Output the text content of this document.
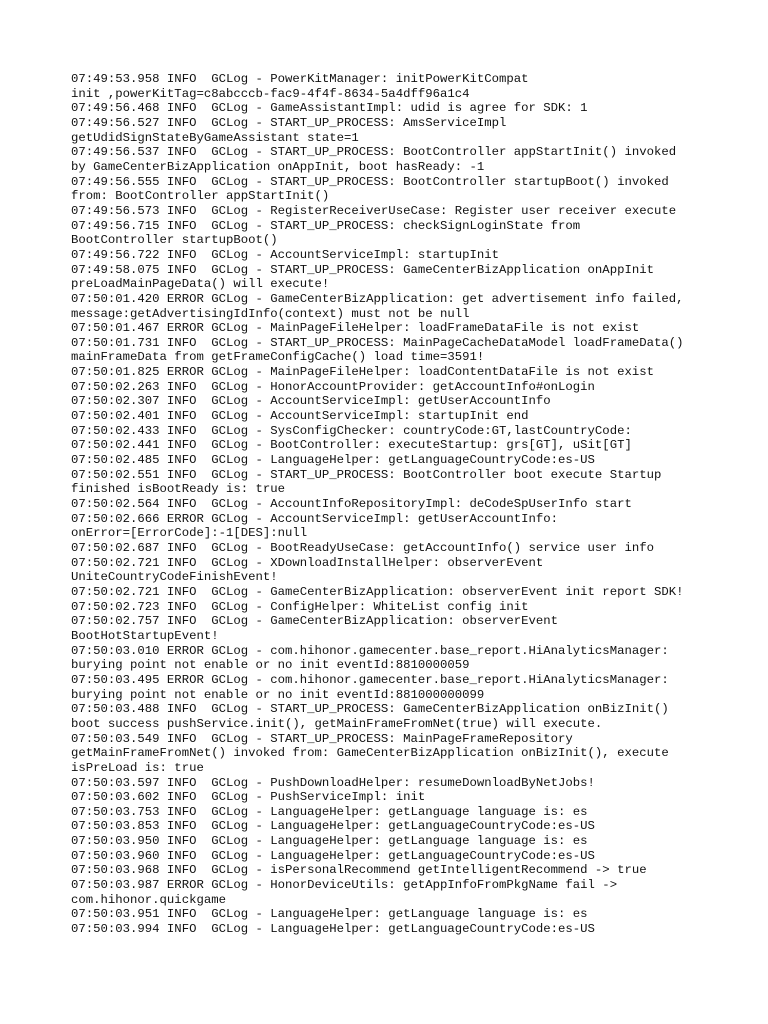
07:49:53.958 INFO  GCLog - PowerKitManager: initPowerKitCompat
init ,powerKitTag=c8abcccb-fac9-4f4f-8634-5a4dff96a1c4
07:49:56.468 INFO  GCLog - GameAssistantImpl: udid is agree for SDK: 1
07:49:56.527 INFO  GCLog - START_UP_PROCESS: AmsServiceImpl
getUdidSignStateByGameAssistant state=1
07:49:56.537 INFO  GCLog - START_UP_PROCESS: BootController appStartInit() invoked
by GameCenterBizApplication onAppInit, boot hasReady: -1
07:49:56.555 INFO  GCLog - START_UP_PROCESS: BootController startupBoot() invoked
from: BootController appStartInit()
07:49:56.573 INFO  GCLog - RegisterReceiverUseCase: Register user receiver execute
07:49:56.715 INFO  GCLog - START_UP_PROCESS: checkSignLoginState from
BootController startupBoot()
07:49:56.722 INFO  GCLog - AccountServiceImpl: startupInit
07:49:58.075 INFO  GCLog - START_UP_PROCESS: GameCenterBizApplication onAppInit
preLoadMainPageData() will execute!
07:50:01.420 ERROR GCLog - GameCenterBizApplication: get advertisement info failed,
message:getAdvertisingIdInfo(context) must not be null
07:50:01.467 ERROR GCLog - MainPageFileHelper: loadFrameDataFile is not exist
07:50:01.731 INFO  GCLog - START_UP_PROCESS: MainPageCacheDataModel loadFrameData()
mainFrameData from getFrameConfigCache() load time=3591!
07:50:01.825 ERROR GCLog - MainPageFileHelper: loadContentDataFile is not exist
07:50:02.263 INFO  GCLog - HonorAccountProvider: getAccountInfo#onLogin
07:50:02.307 INFO  GCLog - AccountServiceImpl: getUserAccountInfo
07:50:02.401 INFO  GCLog - AccountServiceImpl: startupInit end
07:50:02.433 INFO  GCLog - SysConfigChecker: countryCode:GT,lastCountryCode:
07:50:02.441 INFO  GCLog - BootController: executeStartup: grs[GT], uSit[GT]
07:50:02.485 INFO  GCLog - LanguageHelper: getLanguageCountryCode:es-US
07:50:02.551 INFO  GCLog - START_UP_PROCESS: BootController boot execute Startup
finished isBootReady is: true
07:50:02.564 INFO  GCLog - AccountInfoRepositoryImpl: deCodeSpUserInfo start
07:50:02.666 ERROR GCLog - AccountServiceImpl: getUserAccountInfo:
onError=[ErrorCode]:-1[DES]:null
07:50:02.687 INFO  GCLog - BootReadyUseCase: getAccountInfo() service user info
07:50:02.721 INFO  GCLog - XDownloadInstallHelper: observerEvent
UniteCountryCodeFinishEvent!
07:50:02.721 INFO  GCLog - GameCenterBizApplication: observerEvent init report SDK!
07:50:02.723 INFO  GCLog - ConfigHelper: WhiteList config init
07:50:02.757 INFO  GCLog - GameCenterBizApplication: observerEvent
BootHotStartupEvent!
07:50:03.010 ERROR GCLog - com.hihonor.gamecenter.base_report.HiAnalyticsManager:
burying point not enable or no init eventId:8810000059
07:50:03.495 ERROR GCLog - com.hihonor.gamecenter.base_report.HiAnalyticsManager:
burying point not enable or no init eventId:881000000099
07:50:03.488 INFO  GCLog - START_UP_PROCESS: GameCenterBizApplication onBizInit()
boot success pushService.init(), getMainFrameFromNet(true) will execute.
07:50:03.549 INFO  GCLog - START_UP_PROCESS: MainPageFrameRepository
getMainFrameFromNet() invoked from: GameCenterBizApplication onBizInit(), execute
isPreLoad is: true
07:50:03.597 INFO  GCLog - PushDownloadHelper: resumeDownloadByNetJobs!
07:50:03.602 INFO  GCLog - PushServiceImpl: init
07:50:03.753 INFO  GCLog - LanguageHelper: getLanguage language is: es
07:50:03.853 INFO  GCLog - LanguageHelper: getLanguageCountryCode:es-US
07:50:03.950 INFO  GCLog - LanguageHelper: getLanguage language is: es
07:50:03.960 INFO  GCLog - LanguageHelper: getLanguageCountryCode:es-US
07:50:03.968 INFO  GCLog - isPersonalRecommend getIntelligentRecommend -> true
07:50:03.987 ERROR GCLog - HonorDeviceUtils: getAppInfoFromPkgName fail ->
com.hihonor.quickgame
07:50:03.951 INFO  GCLog - LanguageHelper: getLanguage language is: es
07:50:03.994 INFO  GCLog - LanguageHelper: getLanguageCountryCode:es-US
